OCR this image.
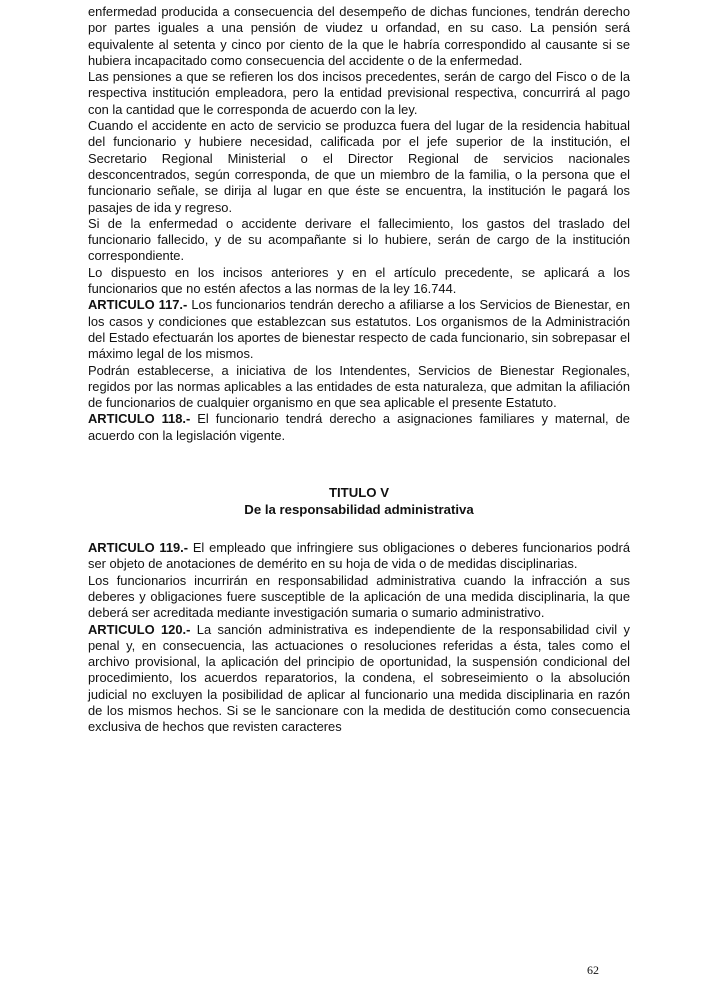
enfermedad producida a consecuencia del desempeño de dichas funciones, tendrán derecho por partes iguales a una pensión de viudez u orfandad, en su caso. La pensión será equivalente al setenta y cinco por ciento de la que le habría correspondido al causante si se hubiera incapacitado como consecuencia del accidente o de la enfermedad.

Las pensiones a que se refieren los dos incisos precedentes, serán de cargo del Fisco o de la respectiva institución empleadora, pero la entidad previsional respectiva, concurrirá al pago con la cantidad que le corresponda de acuerdo con la ley.

Cuando el accidente en acto de servicio se produzca fuera del lugar de la residencia habitual del funcionario y hubiere necesidad, calificada por el jefe superior de la institución, el Secretario Regional Ministerial o el Director Regional de servicios nacionales desconcentrados, según corresponda, de que un miembro de la familia, o la persona que el funcionario señale, se dirija al lugar en que éste se encuentra, la institución le pagará los pasajes de ida y regreso.

Si de la enfermedad o accidente derivare el fallecimiento, los gastos del traslado del funcionario fallecido, y de su acompañante si lo hubiere, serán de cargo de la institución correspondiente.

Lo dispuesto en los incisos anteriores y en el artículo precedente, se aplicará a los funcionarios que no estén afectos a las normas de la ley 16.744.

ARTICULO 117.- Los funcionarios tendrán derecho a afiliarse a los Servicios de Bienestar, en los casos y condiciones que establezcan sus estatutos. Los organismos de la Administración del Estado efectuarán los aportes de bienestar respecto de cada funcionario, sin sobrepasar el máximo legal de los mismos.

Podrán establecerse, a iniciativa de los Intendentes, Servicios de Bienestar Regionales, regidos por las normas aplicables a las entidades de esta naturaleza, que admitan la afiliación de funcionarios de cualquier organismo en que sea aplicable el presente Estatuto.

ARTICULO 118.- El funcionario tendrá derecho a asignaciones familiares y maternal, de acuerdo con la legislación vigente.

TITULO V
De la responsabilidad administrativa

ARTICULO 119.- El empleado que infringiere sus obligaciones o deberes funcionarios podrá ser objeto de anotaciones de demérito en su hoja de vida o de medidas disciplinarias.

Los funcionarios incurrirán en responsabilidad administrativa cuando la infracción a sus deberes y obligaciones fuere susceptible de la aplicación de una medida disciplinaria, la que deberá ser acreditada mediante investigación sumaria o sumario administrativo.

ARTICULO 120.- La sanción administrativa es independiente de la responsabilidad civil y penal y, en consecuencia, las actuaciones o resoluciones referidas a ésta, tales como el archivo provisional, la aplicación del principio de oportunidad, la suspensión condicional del procedimiento, los acuerdos reparatorios, la condena, el sobreseimiento o la absolución judicial no excluyen la posibilidad de aplicar al funcionario una medida disciplinaria en razón de los mismos hechos. Si se le sancionare con la medida de destitución como consecuencia exclusiva de hechos que revisten caracteres

62
